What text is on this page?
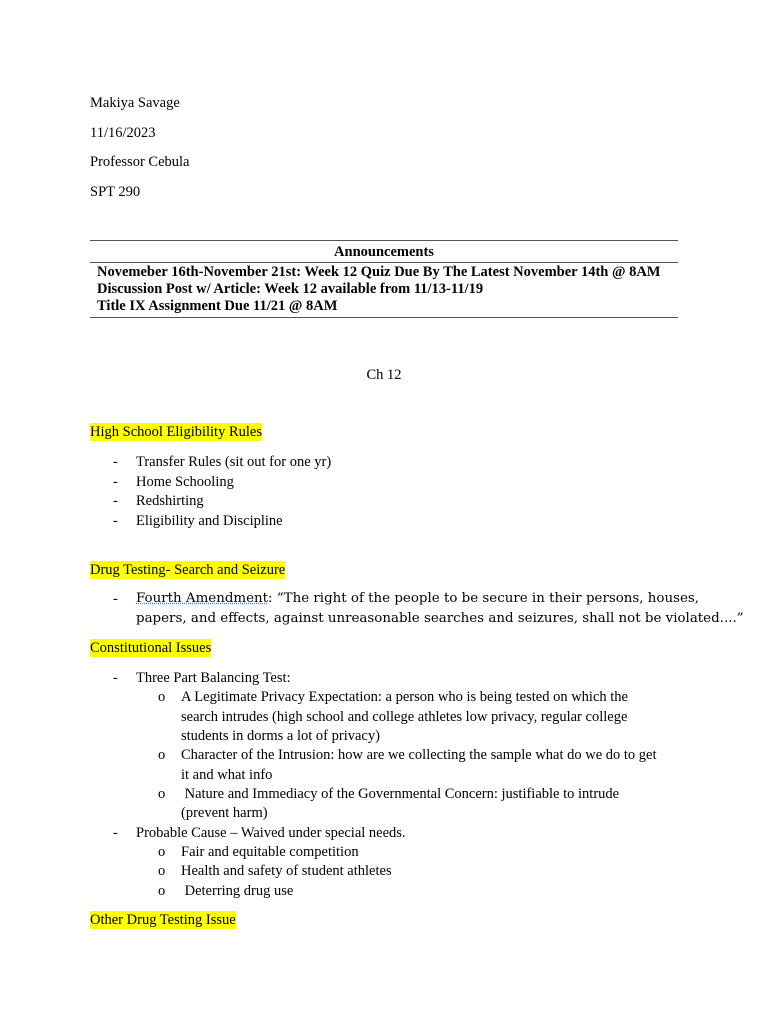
Makiya Savage
11/16/2023
Professor Cebula
SPT 290
Announcements

Novemeber 16th-November 21st: Week 12 Quiz Due By The Latest November 14th @ 8AM
Discussion Post w/ Article: Week 12 available from 11/13-11/19
Title IX Assignment Due 11/21 @ 8AM
Ch 12
High School Eligibility Rules
- Transfer Rules (sit out for one yr)
- Home Schooling
- Redshirting
- Eligibility and Discipline
Drug Testing- Search and Seizure
- Fourth Amendment: “The right of the people to be secure in their persons, houses,
papers, and effects, against unreasonable searches and seizures, shall not be violated....”
Constitutional Issues
- Three Part Balancing Test:
o A Legitimate Privacy Expectation: a person who is being tested on which the
search intrudes (high school and college athletes low privacy, regular college
students in dorms a lot of privacy)
o Character of the Intrusion: how are we collecting the sample what do we do to get
it and what info
o Nature and Immediacy of the Governmental Concern: justifiable to intrude
(prevent harm)
- Probable Cause – Waived under special needs.
o Fair and equitable competition
o Health and safety of student athletes
o Deterring drug use
Other Drug Testing Issue
